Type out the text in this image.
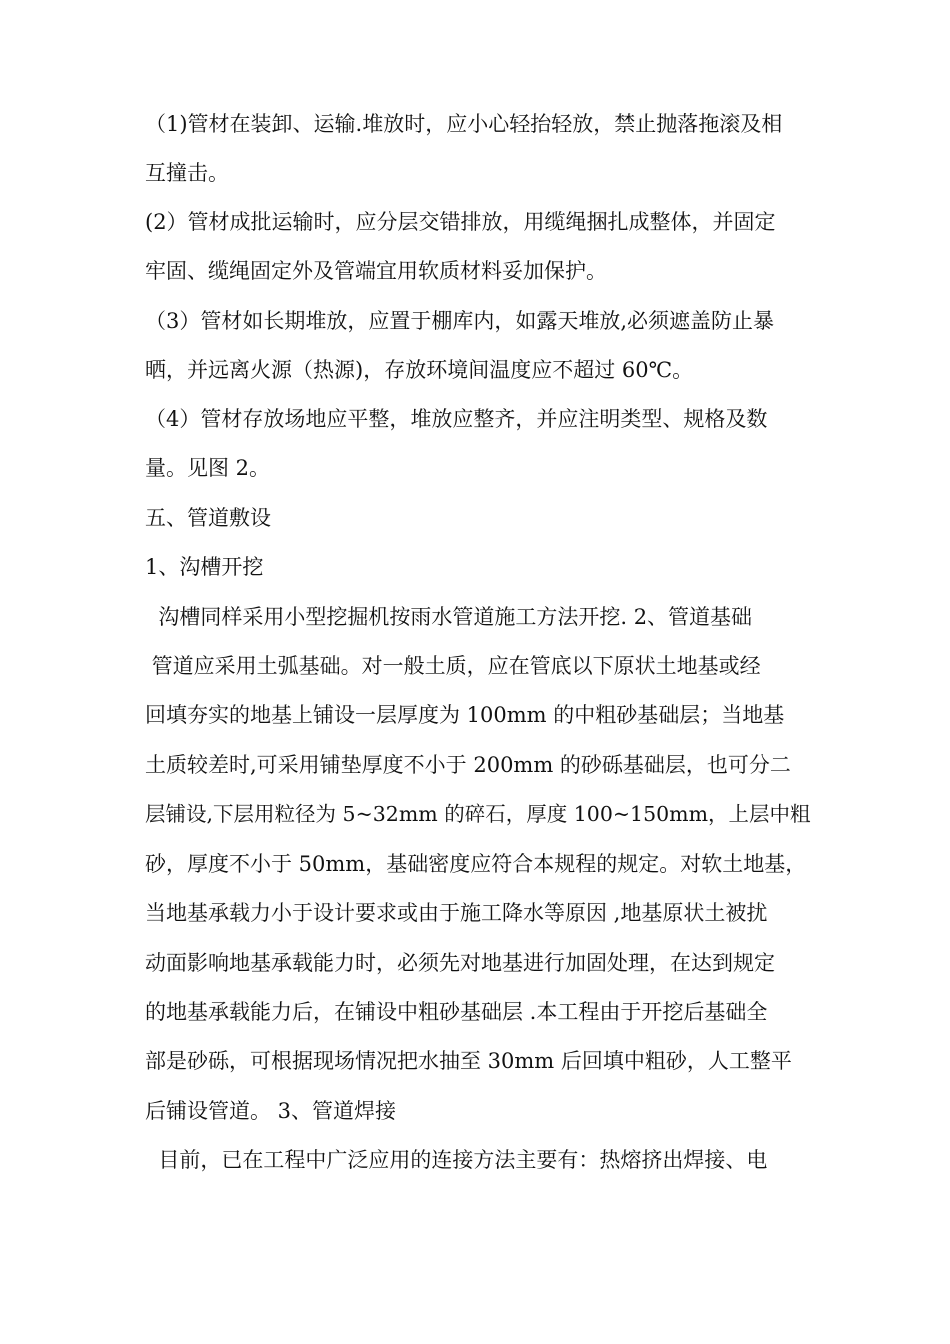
（1)管材在装卸、运输.堆放时，应小心轻抬轻放，禁止抛落拖滚及相
互撞击。
(2）管材成批运输时，应分层交错排放，用缆绳捆扎成整体，并固定
牢固、缆绳固定外及管端宜用软质材料妥加保护。
（3）管材如长期堆放，应置于棚库内，如露天堆放,必须遮盖防止暴
晒，并远离火源（热源)，存放环境间温度应不超过 60℃。
（4）管材存放场地应平整，堆放应整齐，并应注明类型、规格及数
量。见图 2。
五、管道敷设
1、沟槽开挖
沟槽同样采用小型挖掘机按雨水管道施工方法开挖. 2、管道基础
管道应采用土弧基础。对一般土质，应在管底以下原状土地基或经
回填夯实的地基上铺设一层厚度为 100mm 的中粗砂基础层；当地基
土质较差时,可采用铺垫厚度不小于 200mm 的砂砾基础层，也可分二
层铺设,下层用粒径为 5~32mm 的碎石，厚度 100~150mm，上层中粗
砂，厚度不小于 50mm，基础密度应符合本规程的规定。对软土地基，
当地基承载力小于设计要求或由于施工降水等原因 ,地基原状土被扰
动面影响地基承载能力时，必须先对地基进行加固处理，在达到规定
的地基承载能力后，在铺设中粗砂基础层 .本工程由于开挖后基础全
部是砂砾，可根据现场情况把水抽至 30mm 后回填中粗砂，人工整平
后铺设管道。 3、管道焊接
目前，已在工程中广泛应用的连接方法主要有：热熔挤出焊接、电
